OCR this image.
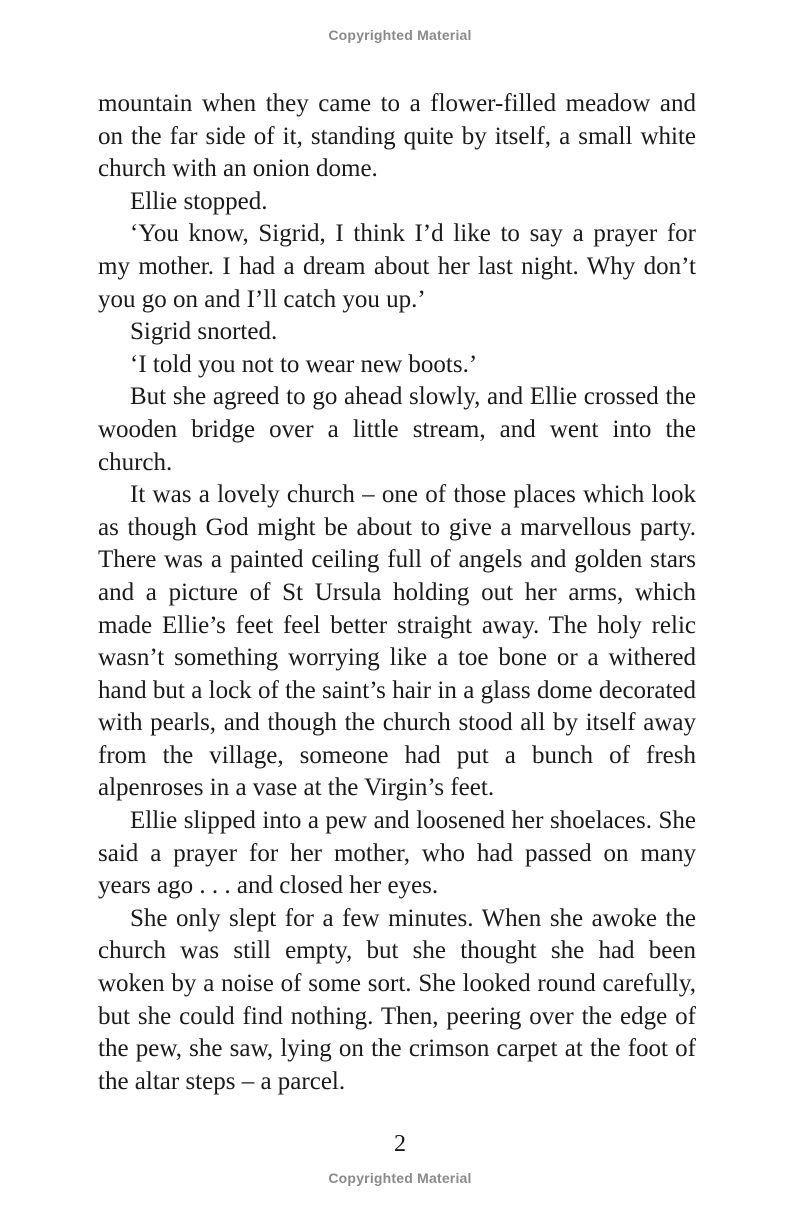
Copyrighted Material

mountain when they came to a flower-filled meadow and on the far side of it, standing quite by itself, a small white church with an onion dome.

Ellie stopped.

‘You know, Sigrid, I think I’d like to say a prayer for my mother. I had a dream about her last night. Why don’t you go on and I’ll catch you up.’

Sigrid snorted.

‘I told you not to wear new boots.’

But she agreed to go ahead slowly, and Ellie crossed the wooden bridge over a little stream, and went into the church.

It was a lovely church – one of those places which look as though God might be about to give a marvellous party. There was a painted ceiling full of angels and golden stars and a picture of St Ursula holding out her arms, which made Ellie’s feet feel better straight away. The holy relic wasn’t something worrying like a toe bone or a withered hand but a lock of the saint’s hair in a glass dome decorated with pearls, and though the church stood all by itself away from the village, someone had put a bunch of fresh alpenroses in a vase at the Virgin’s feet.

Ellie slipped into a pew and loosened her shoelaces. She said a prayer for her mother, who had passed on many years ago . . . and closed her eyes.

She only slept for a few minutes. When she awoke the church was still empty, but she thought she had been woken by a noise of some sort. She looked round carefully, but she could find nothing. Then, peering over the edge of the pew, she saw, lying on the crimson carpet at the foot of the altar steps – a parcel.

2
Copyrighted Material
